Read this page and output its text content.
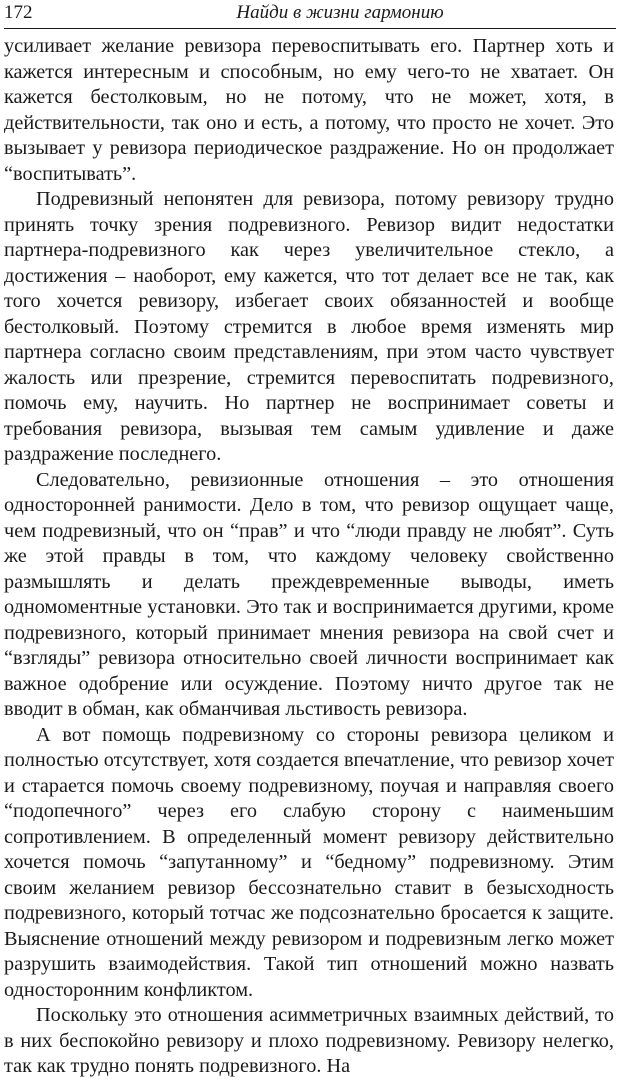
172	Найди в жизни гармонию

усиливает желание ревизора перевоспитывать его. Партнер хоть и кажется интересным и способным, но ему чего-то не хватает. Он кажется бестолковым, но не потому, что не может, хотя, в действительности, так оно и есть, а потому, что просто не хочет. Это вызывает у ревизора периодическое раздражение. Но он продолжает “воспитывать”.

Подревизный непонятен для ревизора, потому ревизору трудно принять точку зрения подревизного. Ревизор видит недостатки партнера-подревизного как через увеличительное стекло, а достижения – наоборот, ему кажется, что тот делает все не так, как того хочется ревизору, избегает своих обязанностей и вообще бестолковый. Поэтому стремится в любое время изменять мир партнера согласно своим представлениям, при этом часто чувствует жалость или презрение, стремится перевоспитать подревизного, помочь ему, научить. Но партнер не воспринимает советы и требования ревизора, вызывая тем самым удивление и даже раздражение последнего.

Следовательно, ревизионные отношения – это отношения односторонней ранимости. Дело в том, что ревизор ощущает чаще, чем подревизный, что он “прав” и что “люди правду не любят”. Суть же этой правды в том, что каждому человеку свойственно размышлять и делать преждевременные выводы, иметь одномоментные установки. Это так и воспринимается другими, кроме подревизного, который принимает мнения ревизора на свой счет и “взгляды” ревизора относительно своей личности воспринимает как важное одобрение или осуждение. Поэтому ничто другое так не вводит в обман, как обманчивая льстивость ревизора.

А вот помощь подревизному со стороны ревизора целиком и полностью отсутствует, хотя создается впечатление, что ревизор хочет и старается помочь своему подревизному, поучая и направляя своего “подопечного” через его слабую сторону с наименьшим сопротивлением. В определенный момент ревизору действительно хочется помочь “запутанному” и “бедному” подревизному. Этим своим желанием ревизор бессознательно ставит в безысходность подревизного, который тотчас же подсознательно бросается к защите. Выяснение отношений между ревизором и подревизным легко может разрушить взаимодействия. Такой тип отношений можно назвать односторонним конфликтом.

Поскольку это отношения асимметричных взаимных действий, то в них беспокойно ревизору и плохо подревизному. Ревизору нелегко, так как трудно понять подревизного. На
